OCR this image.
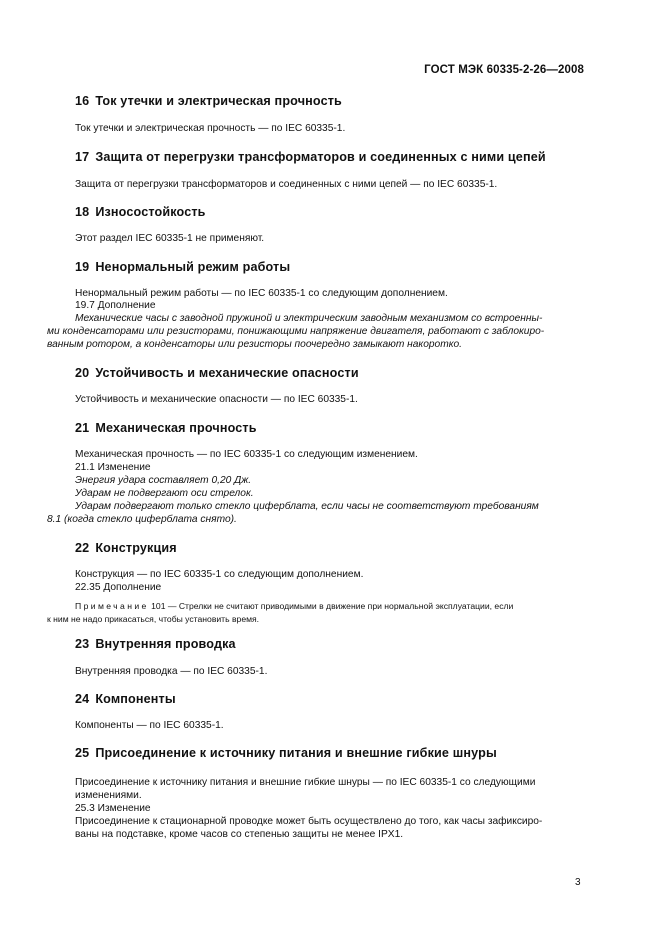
ГОСТ МЭК 60335-2-26—2008
16 Ток утечки и электрическая прочность
Ток утечки и электрическая прочность — по IEC 60335-1.
17 Защита от перегрузки трансформаторов и соединенных с ними цепей
Защита от перегрузки трансформаторов и соединенных с ними цепей — по IEC 60335-1.
18 Износостойкость
Этот раздел IEC 60335-1 не применяют.
19 Ненормальный режим работы
Ненормальный режим работы — по IEC 60335-1 со следующим дополнением.
19.7 Дополнение
Механические часы с заводной пружиной и электрическим заводным механизмом со встроенны-
ми конденсаторами или резисторами, понижающими напряжение двигателя, работают с заблокиро-
ванным ротором, а конденсаторы или резисторы поочередно замыкают накоротко.
20 Устойчивость и механические опасности
Устойчивость и механические опасности — по IEC 60335-1.
21 Механическая прочность
Механическая прочность — по IEC 60335-1 со следующим изменением.
21.1 Изменение
Энергия удара составляет 0,20 Дж.
Ударам не подвергают оси стрелок.
Ударам подвергают только стекло циферблата, если часы не соответствуют требованиям
8.1 (когда стекло циферблата снято).
22 Конструкция
Конструкция — по IEC 60335-1 со следующим дополнением.
22.35 Дополнение
Примечание 101 — Стрелки не считают приводимыми в движение при нормальной эксплуатации, если
к ним не надо прикасаться, чтобы установить время.
23 Внутренняя проводка
Внутренняя проводка — по IEC 60335-1.
24 Компоненты
Компоненты — по IEC 60335-1.
25 Присоединение к источнику питания и внешние гибкие шнуры
Присоединение к источнику питания и внешние гибкие шнуры — по IEC 60335-1 со следующими
изменениями.
25.3 Изменение
Присоединение к стационарной проводке может быть осуществлено до того, как часы зафиксиро-
ваны на подставке, кроме часов со степенью защиты не менее IPX1.
3
